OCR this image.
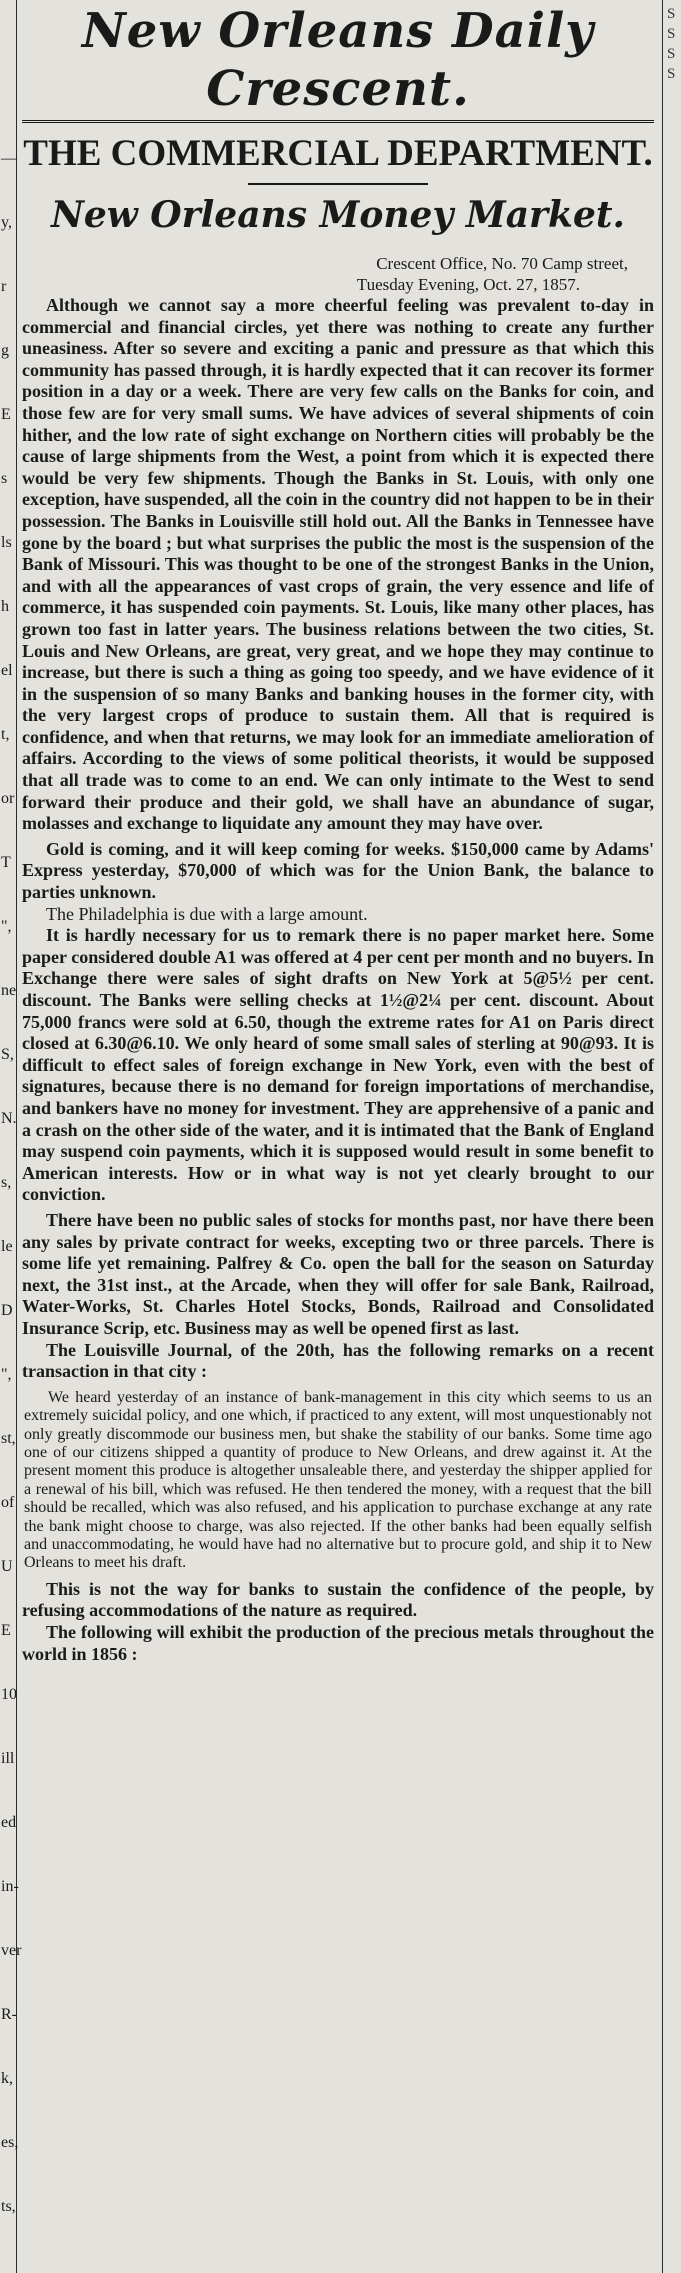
—
y,
r
g
E
s
ls
h
el
t,
or
T
",
ne
S,
N.
s,
le
D
",
st,
of
U
E
10
ill
ed
in-
ver
R-
k,
es,
ts,
S
S
S
S
New Orleans Daily Crescent.
THE COMMERCIAL DEPARTMENT.
New Orleans Money Market.
Crescent Office, No. 70 Camp street,
Tuesday Evening, Oct. 27, 1857.

Although we cannot say a more cheerful feeling was prevalent to-day in commercial and financial circles, yet there was nothing to create any further uneasiness. After so severe and exciting a panic and pressure as that which this community has passed through, it is hardly expected that it can recover its former position in a day or a week. There are very few calls on the Banks for coin, and those few are for very small sums. We have advices of several shipments of coin hither, and the low rate of sight exchange on Northern cities will probably be the cause of large shipments from the West, a point from which it is expected there would be very few shipments. Though the Banks in St. Louis, with only one exception, have suspended, all the coin in the country did not happen to be in their possession. The Banks in Louisville still hold out. All the Banks in Tennessee have gone by the board ; but what surprises the public the most is the suspension of the Bank of Missouri. This was thought to be one of the strongest Banks in the Union, and with all the appearances of vast crops of grain, the very essence and life of commerce, it has suspended coin payments. St. Louis, like many other places, has grown too fast in latter years. The business relations between the two cities, St. Louis and New Orleans, are great, very great, and we hope they may continue to increase, but there is such a thing as going too speedy, and we have evidence of it in the suspension of so many Banks and banking houses in the former city, with the very largest crops of produce to sustain them. All that is required is confidence, and when that returns, we may look for an immediate amelioration of affairs. According to the views of some political theorists, it would be supposed that all trade was to come to an end. We can only intimate to the West to send forward their produce and their gold, we shall have an abundance of sugar, molasses and exchange to liquidate any amount they may have over.

Gold is coming, and it will keep coming for weeks. $150,000 came by Adams' Express yesterday, $70,000 of which was for the Union Bank, the balance to parties unknown.

The Philadelphia is due with a large amount.

It is hardly necessary for us to remark there is no paper market here. Some paper considered double A1 was offered at 4 per cent per month and no buyers. In Exchange there were sales of sight drafts on New York at 5@5½ per cent. discount. The Banks were selling checks at 1½@2¼ per cent. discount. About 75,000 francs were sold at 6.50, though the extreme rates for A1 on Paris direct closed at 6.30@6.10. We only heard of some small sales of sterling at 90@93. It is difficult to effect sales of foreign exchange in New York, even with the best of signatures, because there is no demand for foreign importations of merchandise, and bankers have no money for investment. They are apprehensive of a panic and a crash on the other side of the water, and it is intimated that the Bank of England may suspend coin payments, which it is supposed would result in some benefit to American interests. How or in what way is not yet clearly brought to our conviction.

There have been no public sales of stocks for months past, nor have there been any sales by private contract for weeks, excepting two or three parcels. There is some life yet remaining. Palfrey & Co. open the ball for the season on Saturday next, the 31st inst., at the Arcade, when they will offer for sale Bank, Railroad, Water-Works, St. Charles Hotel Stocks, Bonds, Railroad and Consolidated Insurance Scrip, etc. Business may as well be opened first as last.

The Louisville Journal, of the 20th, has the following remarks on a recent transaction in that city :

We heard yesterday of an instance of bank-management in this city which seems to us an extremely suicidal policy, and one which, if practiced to any extent, will most unquestionably not only greatly discommode our business men, but shake the stability of our banks. Some time ago one of our citizens shipped a quantity of produce to New Orleans, and drew against it. At the present moment this produce is altogether unsaleable there, and yesterday the shipper applied for a renewal of his bill, which was refused. He then tendered the money, with a request that the bill should be recalled, which was also refused, and his application to purchase exchange at any rate the bank might choose to charge, was also rejected. If the other banks had been equally selfish and unaccommodating, he would have had no alternative but to procure gold, and ship it to New Orleans to meet his draft.

This is not the way for banks to sustain the confidence of the people, by refusing accommodations of the nature as required.

The following will exhibit the production of the precious metals throughout the world in 1856 :
